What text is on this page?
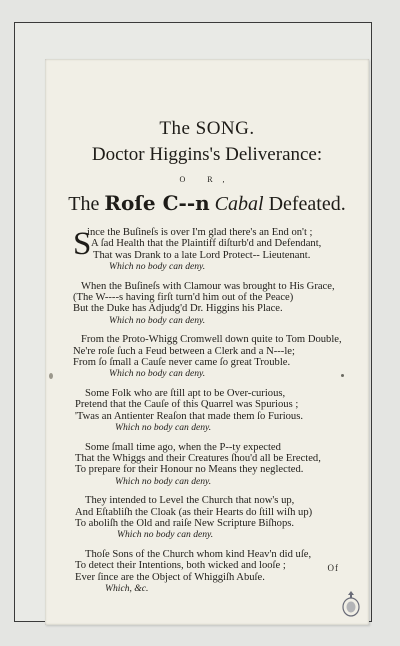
The SONG.
Doctor Higgins's Deliverance:
O R,
The Roſe C--n Cabal Defeated.
S
ince the Buſineſs is over I'm glad there's an End on't ;
A ſad Health that the Plaintiff diſturb'd and Defendant,
That was Drank to a late Lord Protect-- Lieutenant.
Which no body can deny.
When the Buſineſs with Clamour was brought to His Grace,
(The W----s having firſt turn'd him out of the Peace)
But the Duke has Adjudg'd Dr. Higgins his Place.
Which no body can deny.
From the Proto-Whigg Cromwell down quite to Tom Double,
Ne're roſe ſuch a Feud between a Clerk and a N---le;
From ſo ſmall a Cauſe never came ſo great Trouble.
Which no body can deny.
Some Folk who are ſtill apt to be Over-curious,
Pretend that the Cauſe of this Quarrel was Spurious ;
'Twas an Antienter Reaſon that made them ſo Furious.
Which no body can deny.
Some ſmall time ago, when the P--ty expected
That the Whiggs and their Creatures ſhou'd all be Erected,
To prepare for their Honour no Means they neglected.
Which no body can deny.
They intended to Level the Church that now's up,
And Eſtabliſh the Cloak (as their Hearts do ſtill wiſh up)
To aboliſh the Old and raiſe New Scripture Biſhops.
Which no body can deny.
Thoſe Sons of the Church whom kind Heav'n did uſe,
To detect their Intentions, both wicked and looſe ;
Ever ſince are the Object of Whiggiſh Abuſe.
Which, &c.
Of
